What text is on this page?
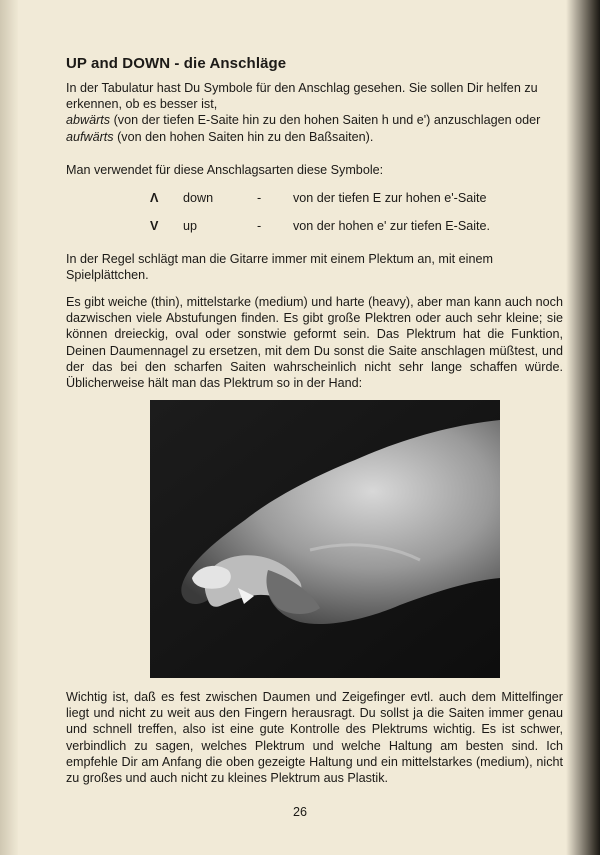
UP and DOWN - die Anschläge
In der Tabulatur hast Du Symbole für den Anschlag gesehen. Sie sollen Dir helfen zu erkennen, ob es besser ist,
abwärts (von der tiefen E-Saite hin zu den hohen Saiten h und e') anzuschlagen oder
aufwärts (von den hohen Saiten hin zu den Baßsaiten).
Man verwendet für diese Anschlagsarten diese Symbole:
Λ down	-	von der tiefen E zur hohen e'-Saite
V up	-	von der hohen e' zur tiefen E-Saite.
In der Regel schlägt man die Gitarre immer mit einem Plektum an, mit einem Spielplättchen.
Es gibt weiche (thin), mittelstarke (medium) und harte (heavy), aber man kann auch noch dazwischen viele Abstufungen finden. Es gibt große Plektren oder auch sehr kleine; sie können dreieckig, oval oder sonstwie geformt sein. Das Plektrum hat die Funktion, Deinen Daumennagel zu ersetzen, mit dem Du sonst die Saite anschlagen müßtest, und der das bei den scharfen Saiten wahrscheinlich nicht sehr lange schaffen würde. Üblicherweise hält man das Plektrum so in der Hand:
Wichtig ist, daß es fest zwischen Daumen und Zeigefinger evtl. auch dem Mittelfinger liegt und nicht zu weit aus den Fingern herausragt. Du sollst ja die Saiten immer genau und schnell treffen, also ist eine gute Kontrolle des Plektrums wichtig. Es ist schwer, verbindlich zu sagen, welches Plektrum und welche Haltung am besten sind. Ich empfehle Dir am Anfang die oben gezeigte Haltung und ein mittelstarkes (medium), nicht zu großes und auch nicht zu kleines Plektrum aus Plastik.
26
